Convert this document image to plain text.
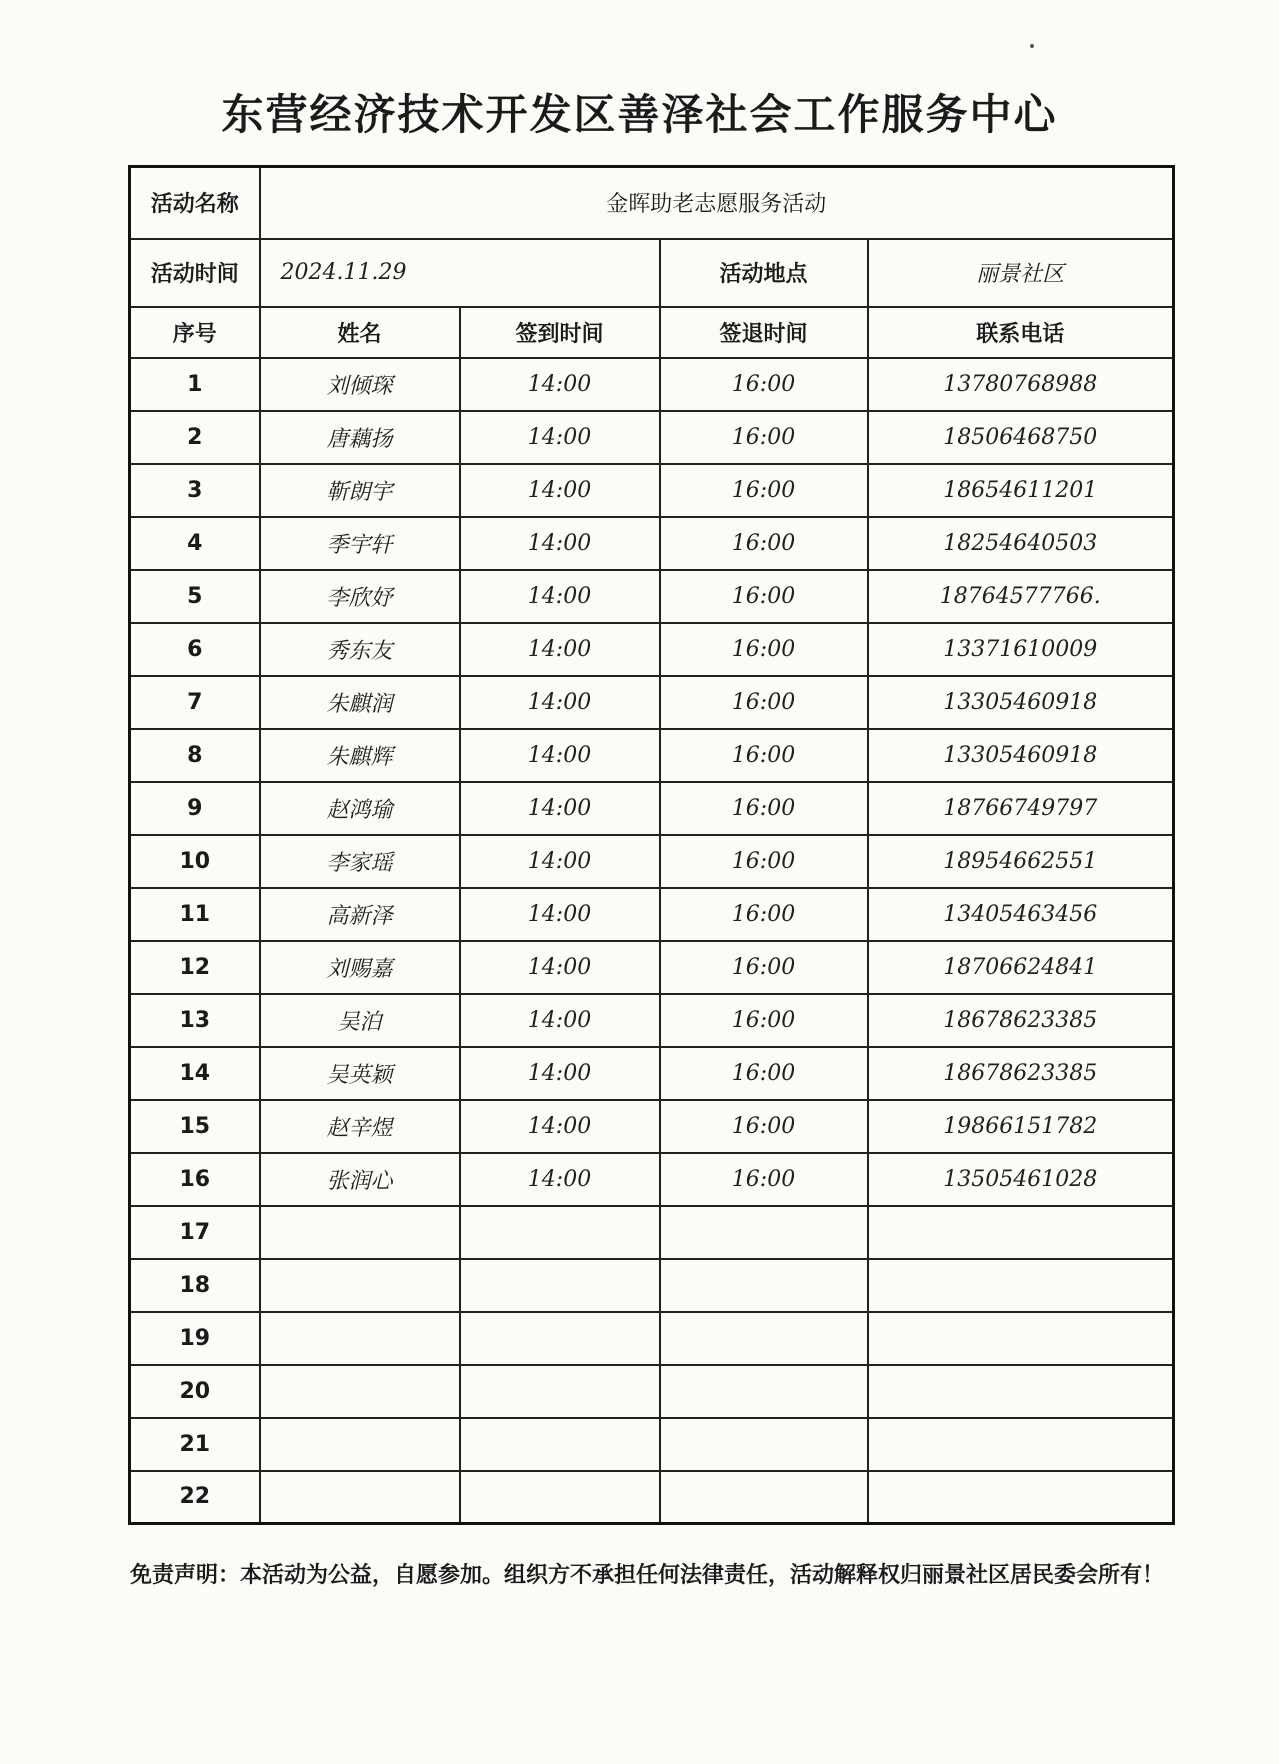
东营经济技术开发区善泽社会工作服务中心
活动名称	金晖助老志愿服务活动			
活动时间	2024.11.29		活动地点	丽景社区
序号	姓名	签到时间	签退时间	联系电话
1	刘倾琛	14:00	16:00	13780768988
2	唐藕扬	14:00	16:00	18506468750
3	靳朗宇	14:00	16:00	18654611201
4	季宇轩	14:00	16:00	18254640503
5	李欣妤	14:00	16:00	18764577766.
6	秀东友	14:00	16:00	13371610009
7	朱麒润	14:00	16:00	13305460918
8	朱麒辉	14:00	16:00	13305460918
9	赵鸿瑜	14:00	16:00	18766749797
10	李家瑶	14:00	16:00	18954662551
11	高新泽	14:00	16:00	13405463456
12	刘赐嘉	14:00	16:00	18706624841
13	吴泊	14:00	16:00	18678623385
14	吴英颖	14:00	16:00	18678623385
15	赵辛煜	14:00	16:00	19866151782
16	张润心	14:00	16:00	13505461028
17				
18				
19				
20				
21				
22				
免责声明：本活动为公益，自愿参加。组织方不承担任何法律责任，活动解释权归丽景社区居民委会所有！
